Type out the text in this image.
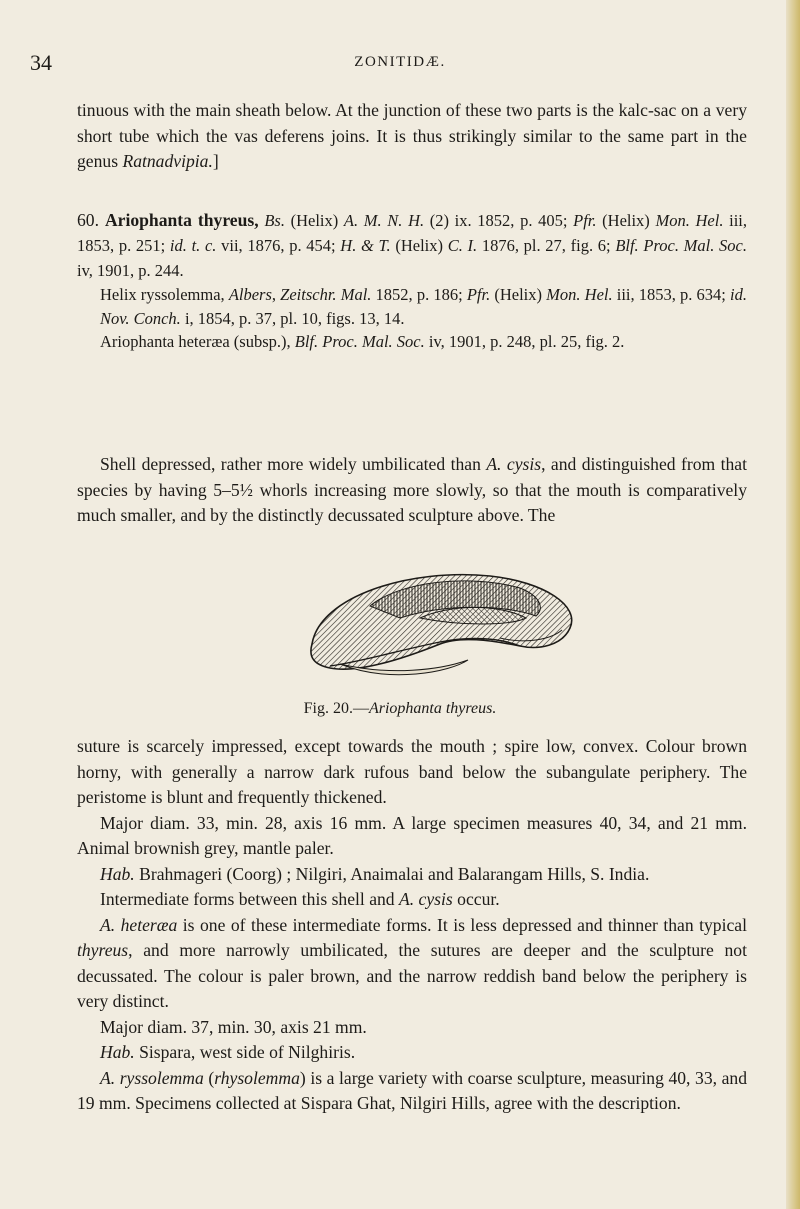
34	ZONITIDÆ.

tinuous with the main sheath below. At the junction of these two parts is the kalc-sac on a very short tube which the vas deferens joins. It is thus strikingly similar to the same part in the genus Ratnadvipia.]

60. Ariophanta thyreus, Bs. (Helix) A. M. N. H. (2) ix. 1852, p. 405; Pfr. (Helix) Mon. Hel. iii, 1853, p. 251; id. t. c. vii, 1876, p. 454; H. & T. (Helix) C. I. 1876, pl. 27, fig. 6; Blf. Proc. Mal. Soc. iv, 1901, p. 244.

Helix ryssolemma, Albers, Zeitschr. Mal. 1852, p. 186; Pfr. (Helix) Mon. Hel. iii, 1853, p. 634; id. Nov. Conch. i, 1854, p. 37, pl. 10, figs. 13, 14.

Ariophanta heteræa (subsp.), Blf. Proc. Mal. Soc. iv, 1901, p. 248, pl. 25, fig. 2.

Shell depressed, rather more widely umbilicated than A. cysis, and distinguished from that species by having 5–5½ whorls increasing more slowly, so that the mouth is comparatively much smaller, and by the distinctly decussated sculpture above. The

Fig. 20.—Ariophanta thyreus.

suture is scarcely impressed, except towards the mouth ; spire low, convex. Colour brown horny, with generally a narrow dark rufous band below the subangulate periphery. The peristome is blunt and frequently thickened.

Major diam. 33, min. 28, axis 16 mm. A large specimen measures 40, 34, and 21 mm. Animal brownish grey, mantle paler.

Hab. Brahmageri (Coorg) ; Nilgiri, Anaimalai and Balarangam Hills, S. India.

Intermediate forms between this shell and A. cysis occur.

A. heteræa is one of these intermediate forms. It is less depressed and thinner than typical thyreus, and more narrowly umbilicated, the sutures are deeper and the sculpture not decussated. The colour is paler brown, and the narrow reddish band below the periphery is very distinct.

Major diam. 37, min. 30, axis 21 mm.

Hab. Sispara, west side of Nilghiris.

A. ryssolemma (rhysolemma) is a large variety with coarse sculpture, measuring 40, 33, and 19 mm. Specimens collected at Sispara Ghat, Nilgiri Hills, agree with the description.
